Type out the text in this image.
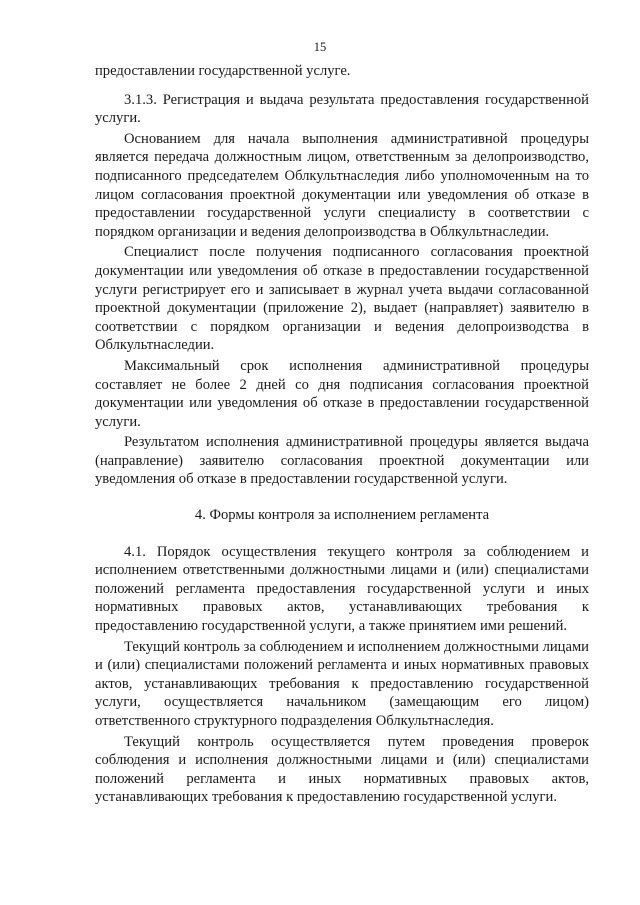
15

предоставлении государственной услуге.

3.1.3. Регистрация и выдача результата предоставления государственной услуги.

Основанием для начала выполнения административной процедуры является передача должностным лицом, ответственным за делопроизводство, подписанного председателем Облкультнаследия либо уполномоченным на то лицом согласования проектной документации или уведомления об отказе в предоставлении государственной услуги специалисту в соответствии с порядком организации и ведения делопроизводства в Облкультнаследии.

Специалист после получения подписанного согласования проектной документации или уведомления об отказе в предоставлении государственной услуги регистрирует его и записывает в журнал учета выдачи согласованной проектной документации (приложение 2), выдает (направляет) заявителю в соответствии с порядком организации и ведения делопроизводства в Облкультнаследии.

Максимальный срок исполнения административной процедуры составляет не более 2 дней со дня подписания согласования проектной документации или уведомления об отказе в предоставлении государственной услуги.

Результатом исполнения административной процедуры является выдача (направление) заявителю согласования проектной документации или уведомления об отказе в предоставлении государственной услуги.

4. Формы контроля за исполнением регламента

4.1. Порядок осуществления текущего контроля за соблюдением и исполнением ответственными должностными лицами и (или) специалистами положений регламента предоставления государственной услуги и иных нормативных правовых актов, устанавливающих требования к предоставлению государственной услуги, а также принятием ими решений.

Текущий контроль за соблюдением и исполнением должностными лицами и (или) специалистами положений регламента и иных нормативных правовых актов, устанавливающих требования к предоставлению государственной услуги, осуществляется начальником (замещающим его лицом) ответственного структурного подразделения Облкультнаследия.

Текущий контроль осуществляется путем проведения проверок соблюдения и исполнения должностными лицами и (или) специалистами положений регламента и иных нормативных правовых актов, устанавливающих требования к предоставлению государственной услуги.
